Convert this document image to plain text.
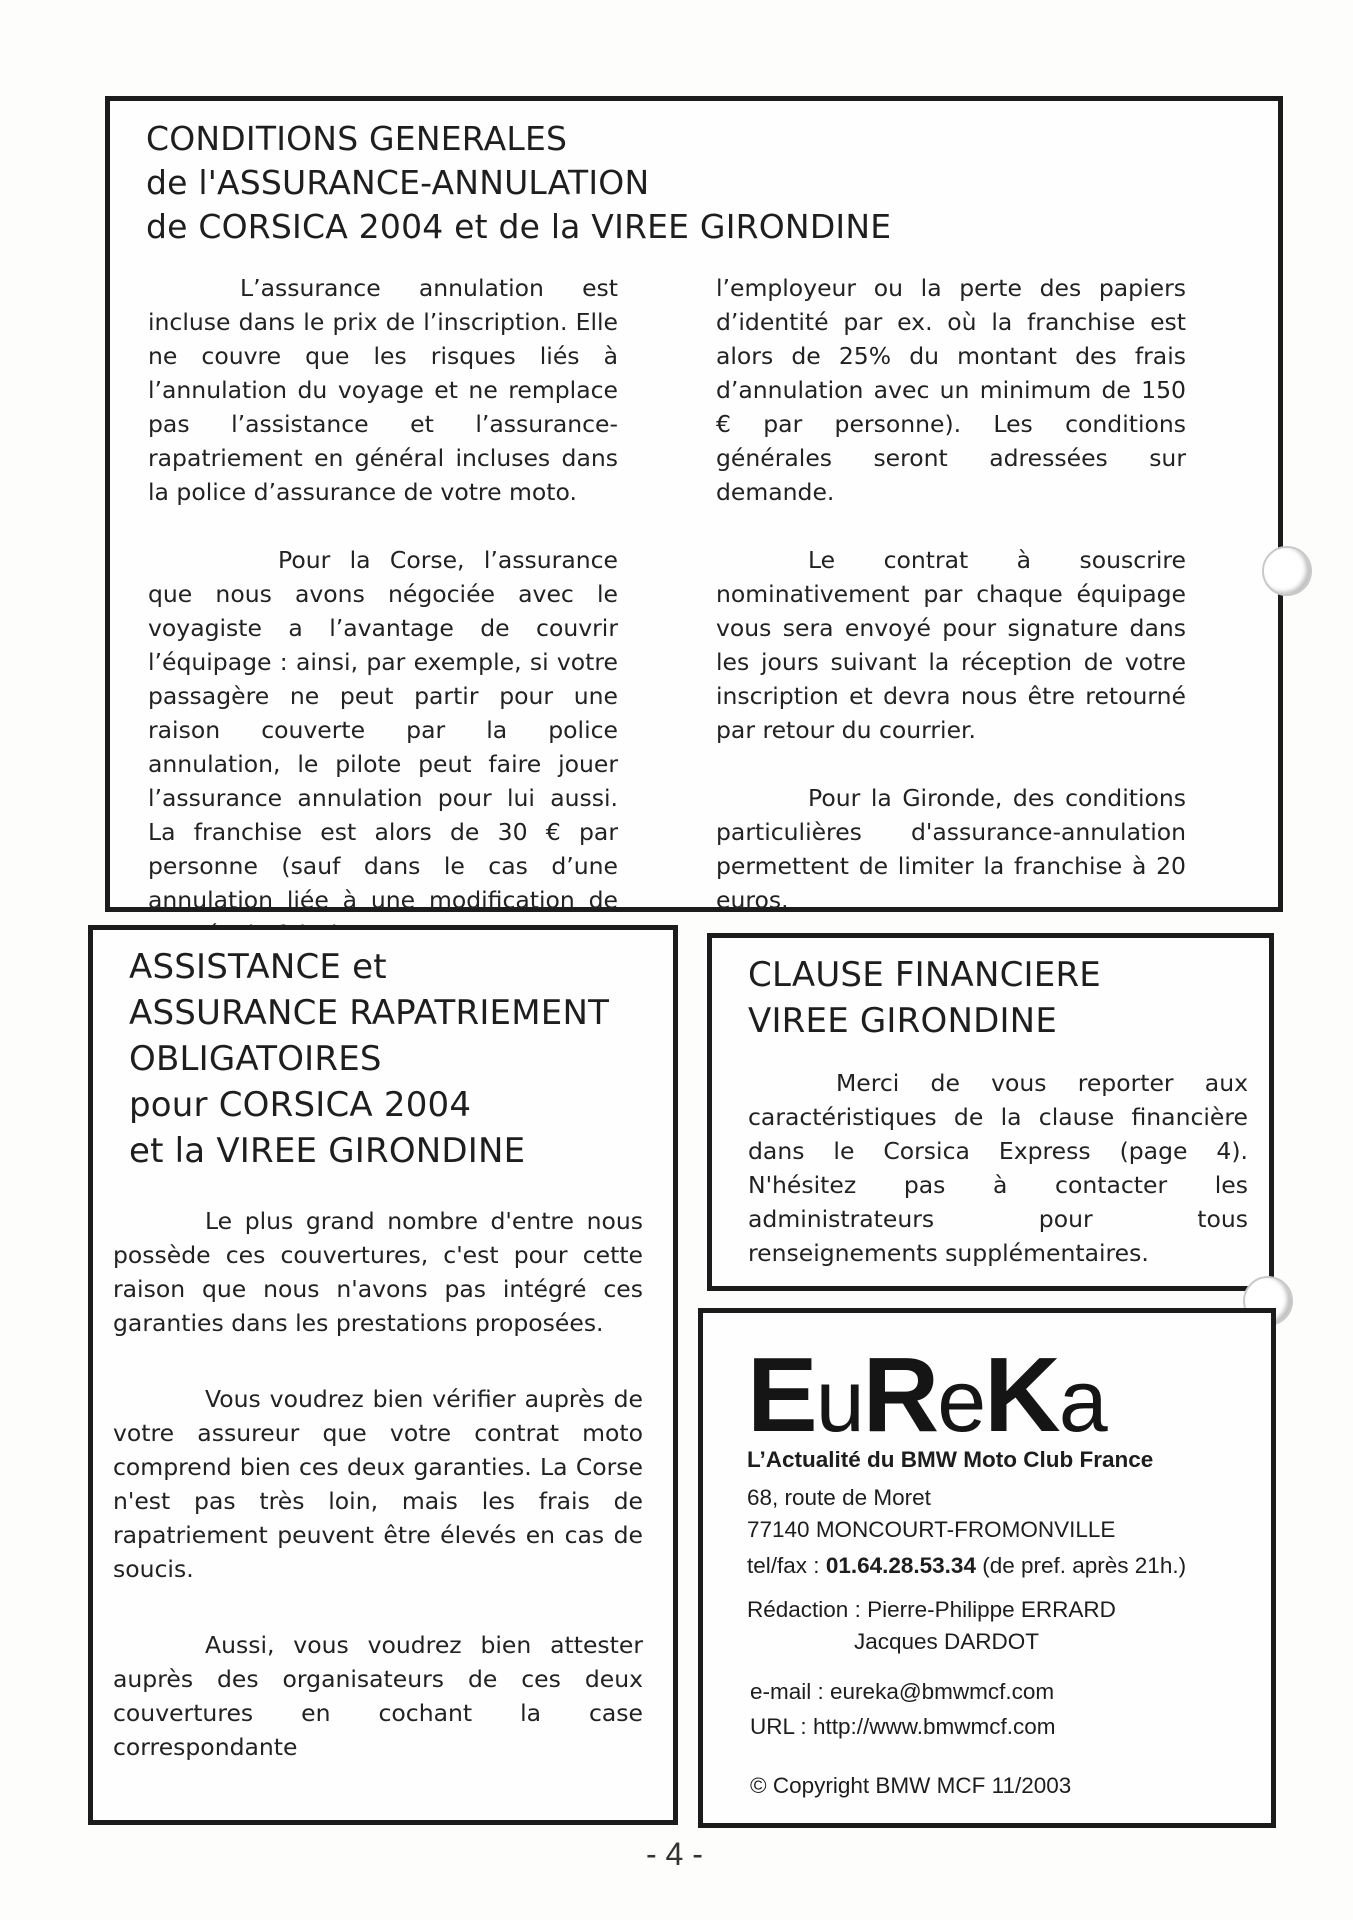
CONDITIONS GENERALES
de l'ASSURANCE-ANNULATION
de CORSICA 2004 et de la VIREE GIRONDINE

L’assurance annulation est incluse dans le prix de l’inscription. Elle ne couvre que les risques liés à l’annulation du voyage et ne remplace pas l’assistance et l’assurance-rapatriement en général incluses dans la police d’assurance de votre moto.

Pour la Corse, l’assurance que nous avons négociée avec le voyagiste a l’avantage de couvrir l’équipage : ainsi, par exemple, si votre passagère ne peut partir pour une raison couverte par la police annulation, le pilote peut faire jouer l’assurance annulation pour lui aussi. La franchise est alors de 30 € par personne (sauf dans le cas d’une annulation liée à une modification de

l’employeur ou la perte des papiers d’identité par ex. où la franchise est alors de 25% du montant des frais d’annulation avec un minimum de 150 € par personne). Les conditions générales seront adressées sur demande.

Le contrat à souscrire nominativement par chaque équipage vous sera envoyé pour signature dans les jours suivant la réception de votre inscription et devra nous être retourné par retour du courrier.

Pour la Gironde, des conditions particulières d'assurance-annulation permettent de limiter la franchise à 20 euros.

ASSISTANCE et
ASSURANCE RAPATRIEMENT
OBLIGATOIRES
pour CORSICA 2004
et la VIREE GIRONDINE

Le plus grand nombre d'entre nous possède ces couvertures, c'est pour cette raison que nous n'avons pas intégré ces garanties dans les prestations proposées.

Vous voudrez bien vérifier auprès de votre assureur que votre contrat moto comprend bien ces deux garanties. La Corse n'est pas très loin, mais les frais de rapatriement peuvent être élevés en cas de soucis.

Aussi, vous voudrez bien attester auprès des organisateurs de ces deux couvertures en cochant la case correspondante

CLAUSE FINANCIERE
VIREE GIRONDINE

Merci de vous reporter aux caractéristiques de la clause financière dans le Corsica Express (page 4). N'hésitez pas à contacter les administrateurs pour tous renseignements supplémentaires.

EuReKa
L’Actualité du BMW Moto Club France
68, route de Moret
77140 MONCOURT-FROMONVILLE
tel/fax : 01.64.28.53.34 (de pref. après 21h.)
Rédaction : Pierre-Philippe ERRARD
Jacques DARDOT
e-mail : eureka@bmwmcf.com
URL : http://www.bmwmcf.com
© Copyright BMW MCF 11/2003
- 4 -
